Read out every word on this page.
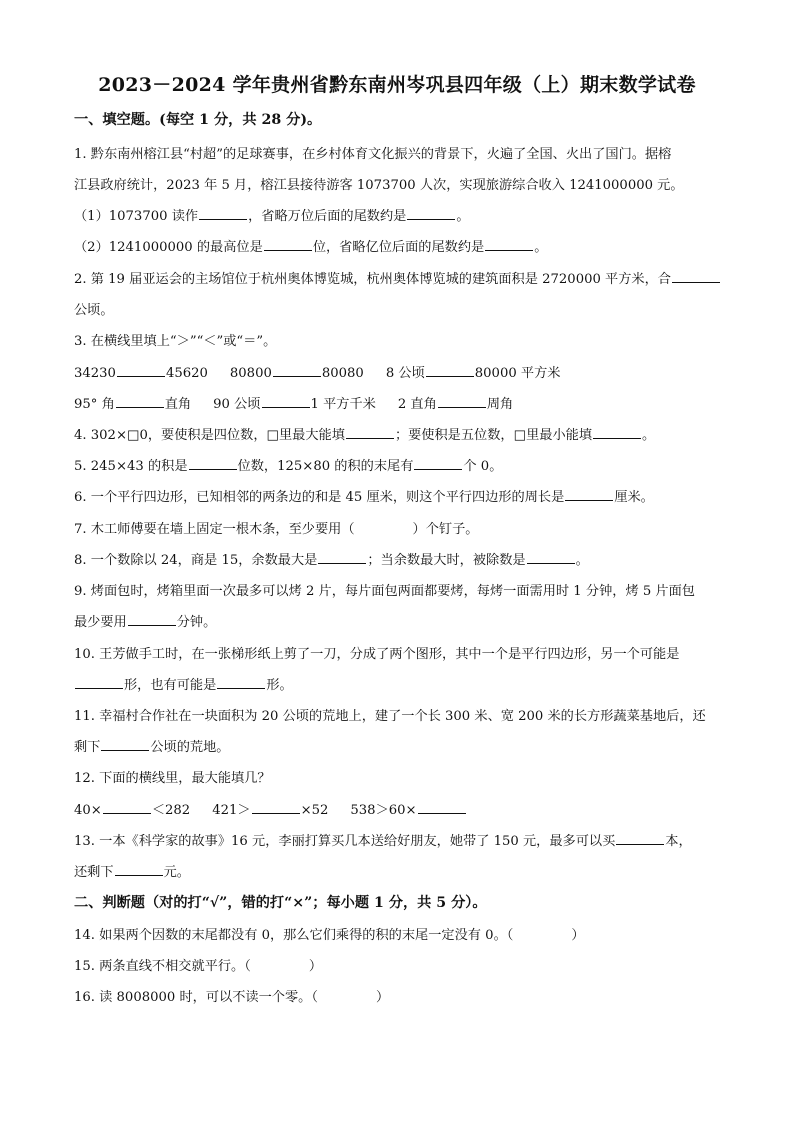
2023－2024 学年贵州省黔东南州岑巩县四年级（上）期末数学试卷
一、填空题。(每空 1 分，共 28 分)。
1. 黔东南州榕江县“村超”的足球赛事，在乡村体育文化振兴的背景下，火遍了全国、火出了国门。据榕
江县政府统计，2023 年 5 月，榕江县接待游客 1073700 人次，实现旅游综合收入 1241000000 元。
（1）1073700 读作	，省略万位后面的尾数约是	。
（2）1241000000 的最高位是	位，省略亿位后面的尾数约是	。
2. 第 19 届亚运会的主场馆位于杭州奥体博览城，杭州奥体博览城的建筑面积是 2720000 平方米，合
公顷。
3. 在横线里填上“＞”“＜”或“＝”。
34230	45620 80800	80080 8 公顷	80000 平方米
95° 角	直角 90 公顷	1 平方千米 2 直角	周角
4. 302×□0，要使积是四位数，□里最大能填	；要使积是五位数，□里最小能填	。
5. 245×43 的积是	位数，125×80 的积的末尾有	个 0。
6. 一个平行四边形，已知相邻的两条边的和是 45 厘米，则这个平行四边形的周长是	厘米。
7. 木工师傅要在墙上固定一根木条，至少要用（	）个钉子。
8. 一个数除以 24，商是 15，余数最大是	；当余数最大时，被除数是	。
9. 烤面包时，烤箱里面一次最多可以烤 2 片，每片面包两面都要烤，每烤一面需用时 1 分钟，烤 5 片面包
最少要用	分钟。
10. 王芳做手工时，在一张梯形纸上剪了一刀，分成了两个图形，其中一个是平行四边形，另一个可能是
形，也有可能是	形。
11. 幸福村合作社在一块面积为 20 公顷的荒地上，建了一个长 300 米、宽 200 米的长方形蔬菜基地后，还
剩下	公顷的荒地。
12. 下面的横线里，最大能填几？
40×	＜282 421＞	×52 538＞60×
13. 一本《科学家的故事》16 元，李丽打算买几本送给好朋友，她带了 150 元，最多可以买	本，
还剩下	元。
二、判断题（对的打“√”，错的打“×”；每小题 1 分，共 5 分）。
14. 如果两个因数的末尾都没有 0，那么它们乘得的积的末尾一定没有 0。（	）
15. 两条直线不相交就平行。（	）
16. 读 8008000 时，可以不读一个零。（	）
